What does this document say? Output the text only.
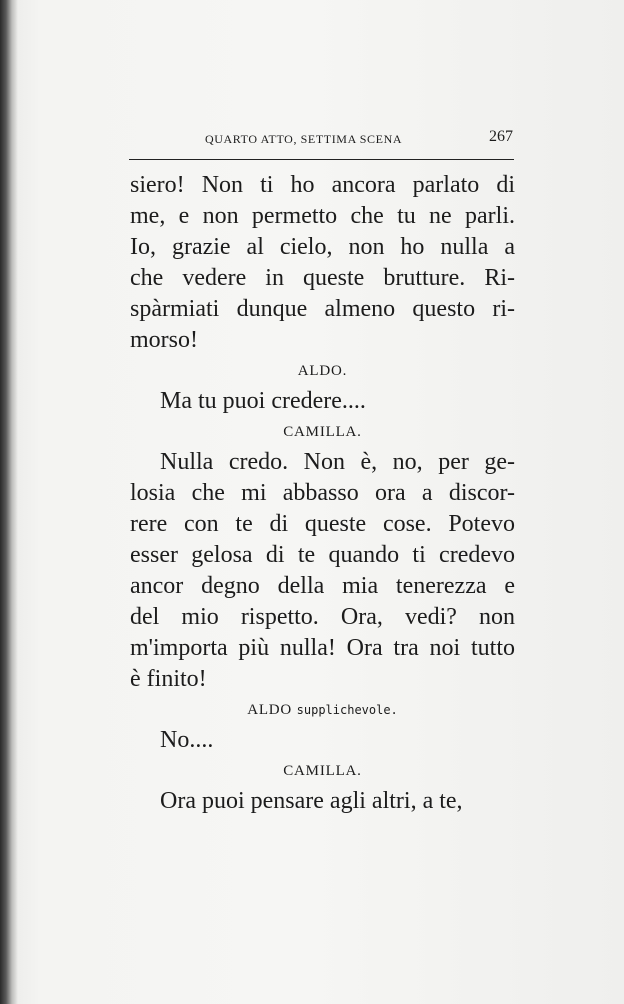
QUARTO ATTO, SETTIMA SCENA	267
siero! Non ti ho ancora parlato di
me, e non permetto che tu ne parli.
Io, grazie al cielo, non ho nulla a
che vedere in queste brutture. Ri-
spàrmiati dunque almeno questo ri-
morso!
ALDO.
Ma tu puoi credere....
CAMILLA.
Nulla credo. Non è, no, per ge-
losia che mi abbasso ora a discor-
rere con te di queste cose. Potevo
esser gelosa di te quando ti credevo
ancor degno della mia tenerezza e
del mio rispetto. Ora, vedi? non
m'importa più nulla! Ora tra noi tutto
è finito!
ALDO supplichevole.
No....
CAMILLA.
Ora puoi pensare agli altri, a te,
